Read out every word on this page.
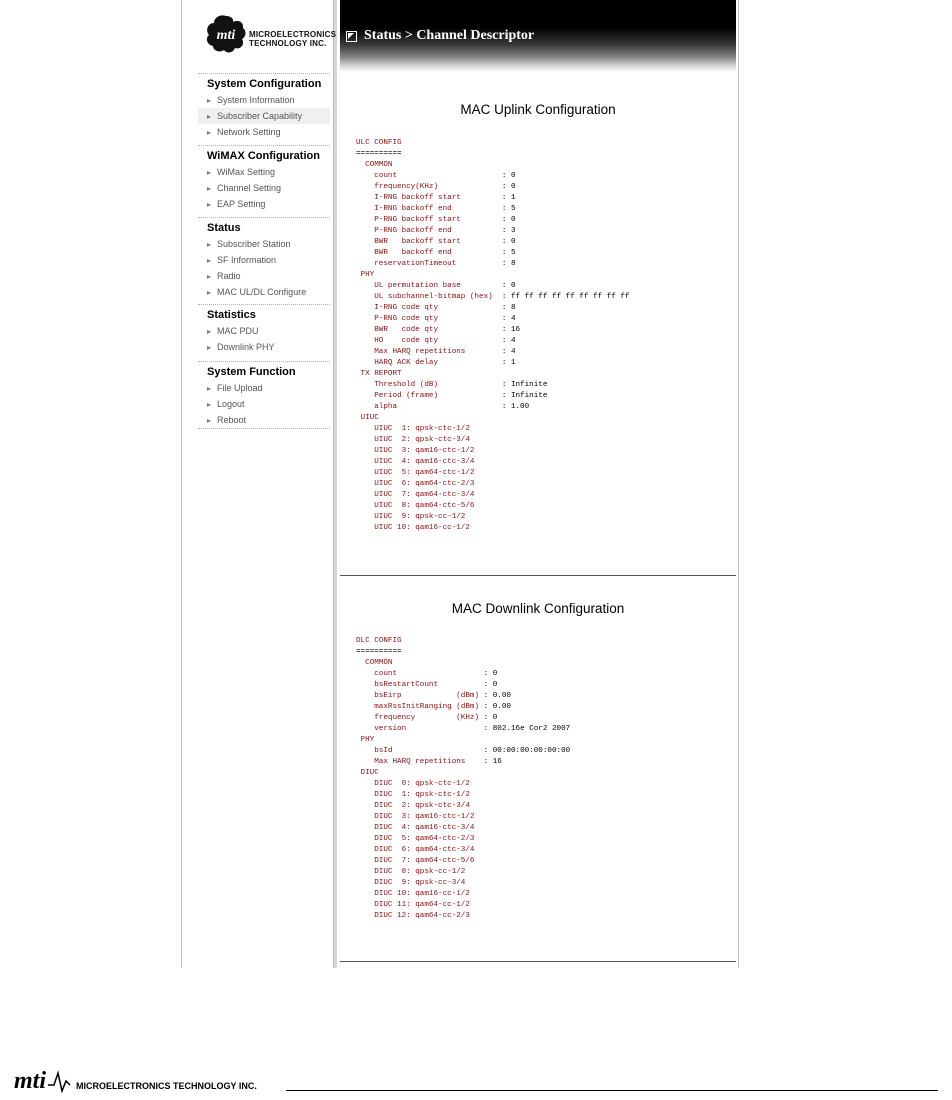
mti MICROELECTRONICS
TECHNOLOGY INC.
System Configuration
▸ System Information
▸ Subscriber Capability
▸ Network Setting
WiMAX Configuration
▸ WiMax Setting
▸ Channel Setting
▸ EAP Setting
Status
▸ Subscriber Station
▸ SF Information
▸ Radio
▸ MAC UL/DL Configure
Statistics
▸ MAC PDU
▸ Downlink PHY
System Function
▸ File Upload
▸ Logout
▸ Reboot
Status > Channel Descriptor
MAC Uplink Configuration
ULC CONFIG
==========
COMMON
count                       : 0
frequency(KHz)              : 0
I-RNG backoff start         : 1
I-RNG backoff end           : 5
P-RNG backoff start         : 0
P-RNG backoff end           : 3
BWR   backoff start         : 0
BWR   backoff end           : 5
reservationTimeout          : 8
PHY
UL permutation base         : 0
UL subchannel-bitmap (hex)  : ff ff ff ff ff ff ff ff ff
I-RNG code qty              : 8
P-RNG code qty              : 4
BWR   code qty              : 16
HO    code qty              : 4
Max HARQ repetitions        : 4
HARQ ACK delay              : 1
TX REPORT
Threshold (dB)              : Infinite
Period (frame)              : Infinite
alpha                       : 1.00
UIUC
UIUC  1: qpsk-ctc-1/2
UIUC  2: qpsk-ctc-3/4
UIUC  3: qam16-ctc-1/2
UIUC  4: qam16-ctc-3/4
UIUC  5: qam64-ctc-1/2
UIUC  6: qam64-ctc-2/3
UIUC  7: qam64-ctc-3/4
UIUC  8: qam64-ctc-5/6
UIUC  9: qpsk-cc-1/2
UIUC 10: qam16-cc-1/2
MAC Downlink Configuration
DLC CONFIG
==========
COMMON
count                   : 0
bsRestartCount          : 0
bsEirp            (dBm) : 0.00
maxRssInitRanging (dBm) : 0.00
frequency         (KHz) : 0
version                 : 802.16e Cor2 2007
PHY
bsId                    : 00:00:00:00:00:00
Max HARQ repetitions    : 16
DIUC
DIUC  0: qpsk-ctc-1/2
DIUC  1: qpsk-ctc-1/2
DIUC  2: qpsk-ctc-3/4
DIUC  3: qam16-ctc-1/2
DIUC  4: qam16-ctc-3/4
DIUC  5: qam64-ctc-2/3
DIUC  6: qam64-ctc-3/4
DIUC  7: qam64-ctc-5/6
DIUC  8: qpsk-cc-1/2
DIUC  9: qpsk-cc-3/4
DIUC 10: qam16-cc-1/2
DIUC 11: qam64-cc-1/2
DIUC 12: qam64-cc-2/3
mti	MICROELECTRONICS TECHNOLOGY INC.
